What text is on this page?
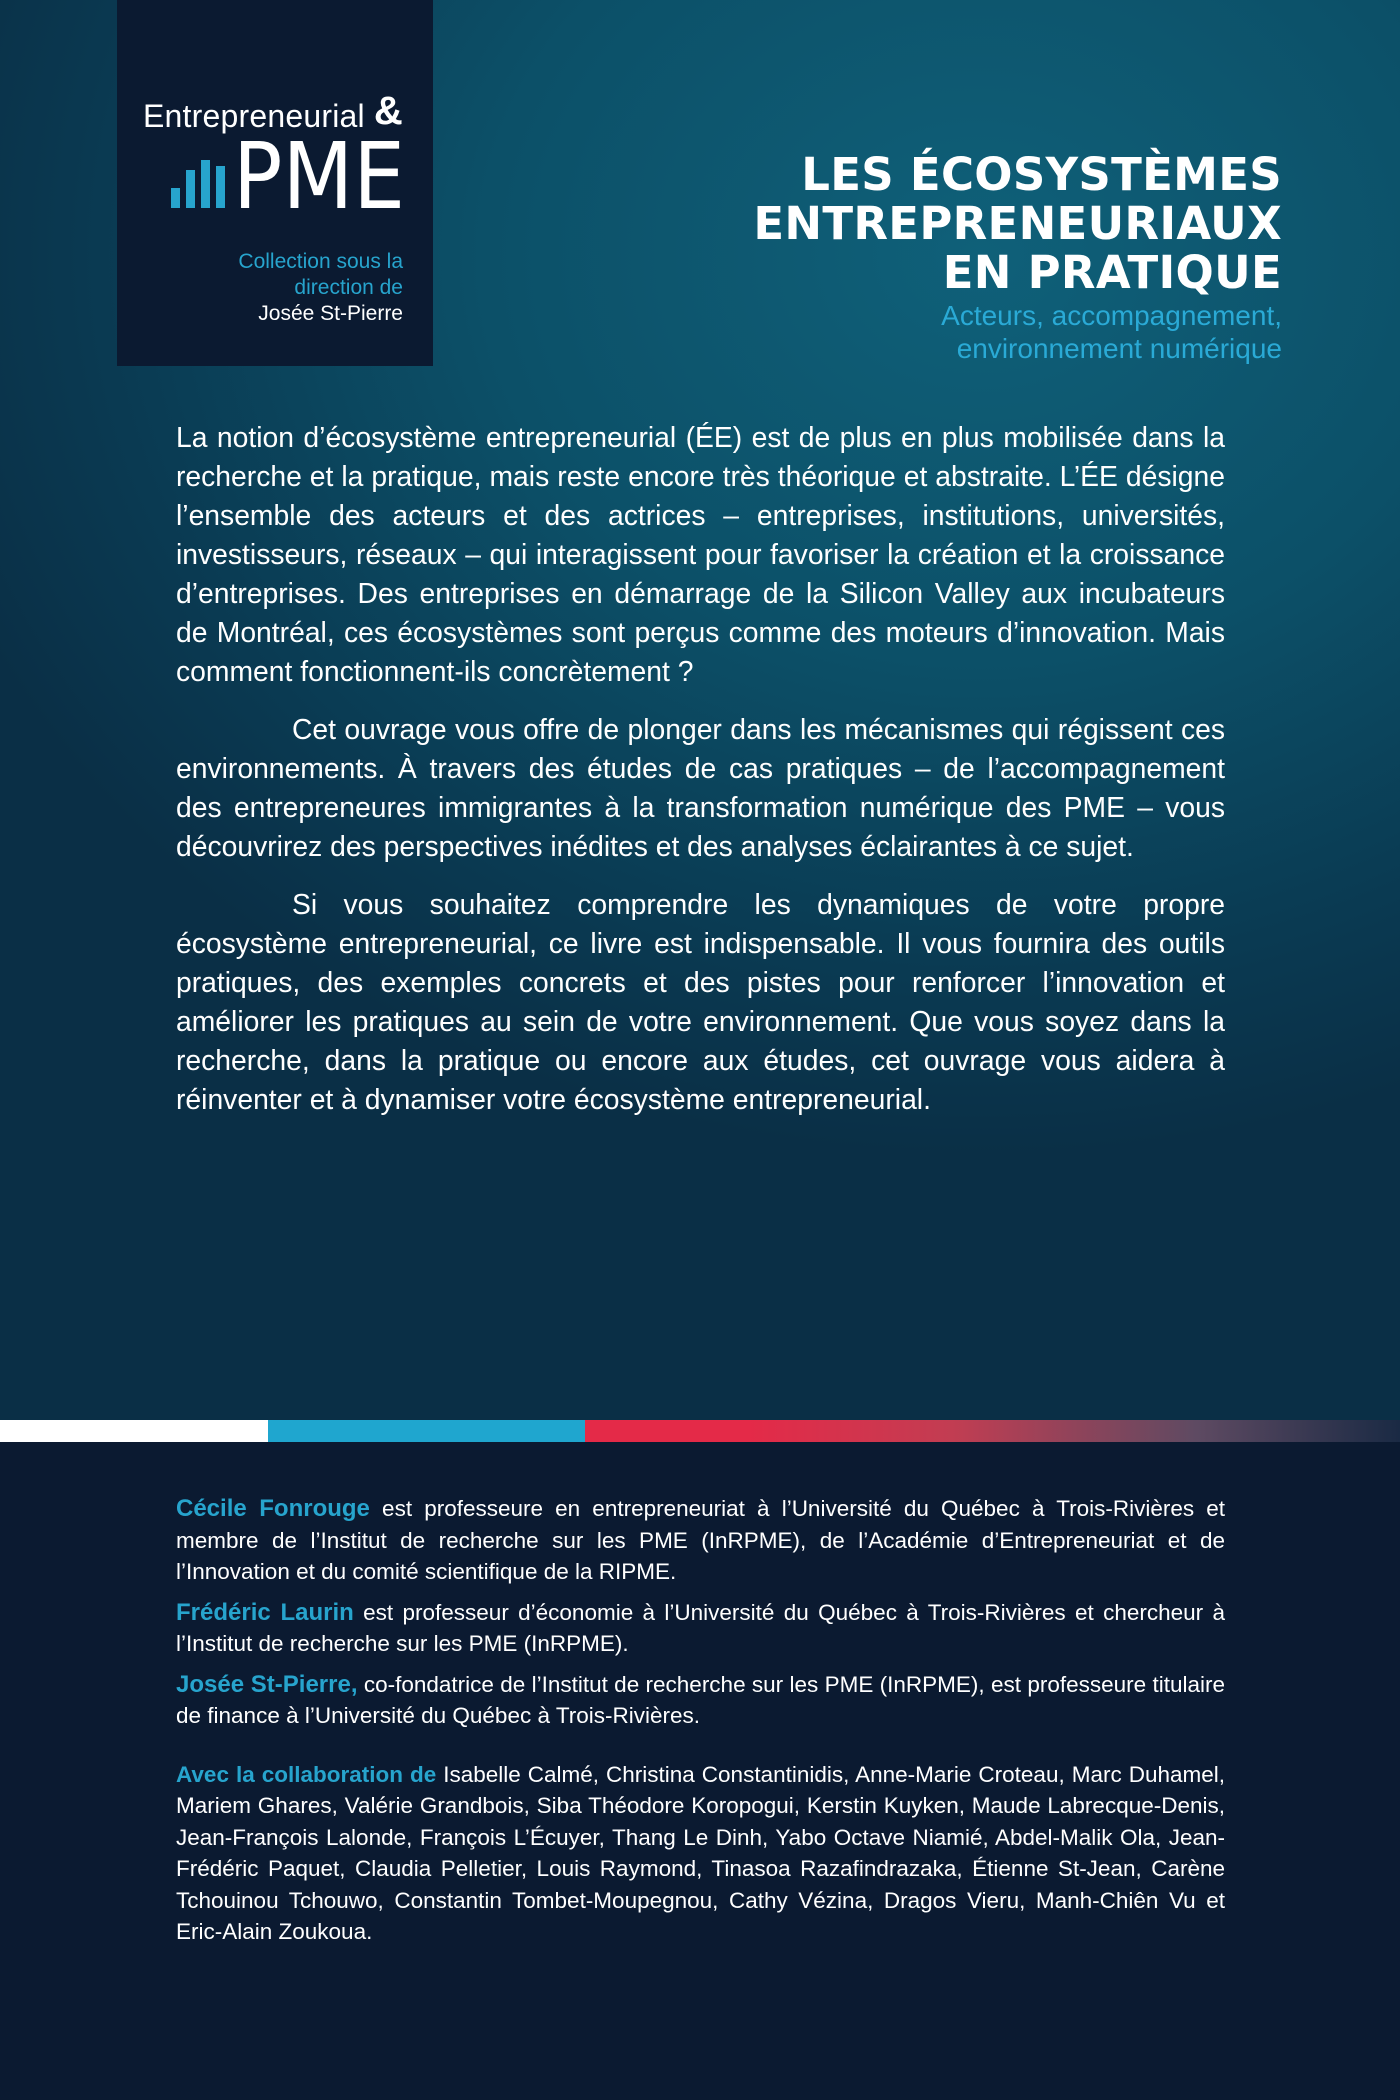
Entrepreneurial &
PME
Collection sous la
direction de
Josée St-Pierre
LES ÉCOSYSTÈMES
ENTREPRENEURIAUX
EN PRATIQUE
Acteurs, accompagnement,
environnement numérique

La notion d’écosystème entrepreneurial (ÉE) est de plus en plus mobilisée dans la recherche et la pratique, mais reste encore très théorique et abstraite. L’ÉE désigne l’ensemble des acteurs et des actrices – entreprises, institutions, universités, investisseurs, réseaux – qui interagissent pour favoriser la création et la croissance d’entreprises. Des entreprises en démarrage de la Silicon Valley aux incubateurs de Montréal, ces écosystèmes sont perçus comme des moteurs d’innovation. Mais comment fonctionnent-ils concrètement ?

Cet ouvrage vous offre de plonger dans les mécanismes qui régissent ces environnements. À travers des études de cas pratiques – de l’accompagnement des entrepreneures immigrantes à la transformation numérique des PME – vous découvrirez des perspectives inédites et des analyses éclairantes à ce sujet.

Si vous souhaitez comprendre les dynamiques de votre propre écosystème entrepreneurial, ce livre est indispensable. Il vous fournira des outils pratiques, des exemples concrets et des pistes pour renforcer l’innovation et améliorer les pratiques au sein de votre environnement. Que vous soyez dans la recherche, dans la pratique ou encore aux études, cet ouvrage vous aidera à réinventer et à dynamiser votre écosystème entrepreneurial.

Cécile Fonrouge est professeure en entrepreneuriat à l’Université du Québec à Trois-Rivières et membre de l’Institut de recherche sur les PME (InRPME), de l’Académie d’Entrepreneuriat et de l’Innovation et du comité scientifique de la RIPME.

Frédéric Laurin est professeur d’économie à l’Université du Québec à Trois-Rivières et chercheur à l’Institut de recherche sur les PME (InRPME).

Josée St-Pierre, co-fondatrice de l’Institut de recherche sur les PME (InRPME), est professeure titulaire de finance à l’Université du Québec à Trois-Rivières.

Avec la collaboration de Isabelle Calmé, Christina Constantinidis, Anne-Marie Croteau, Marc Duhamel, Mariem Ghares, Valérie Grandbois, Siba Théodore Koropogui, Kerstin Kuyken, Maude Labrecque-Denis, Jean-François Lalonde, François L’Écuyer, Thang Le Dinh, Yabo Octave Niamié, Abdel-Malik Ola, Jean-Frédéric Paquet, Claudia Pelletier, Louis Raymond, Tinasoa Razafindrazaka, Étienne St-Jean, Carène Tchouinou Tchouwo, Constantin Tombet-Moupegnou, Cathy Vézina, Dragos Vieru, Manh-Chiên Vu et Eric-Alain Zoukoua.
